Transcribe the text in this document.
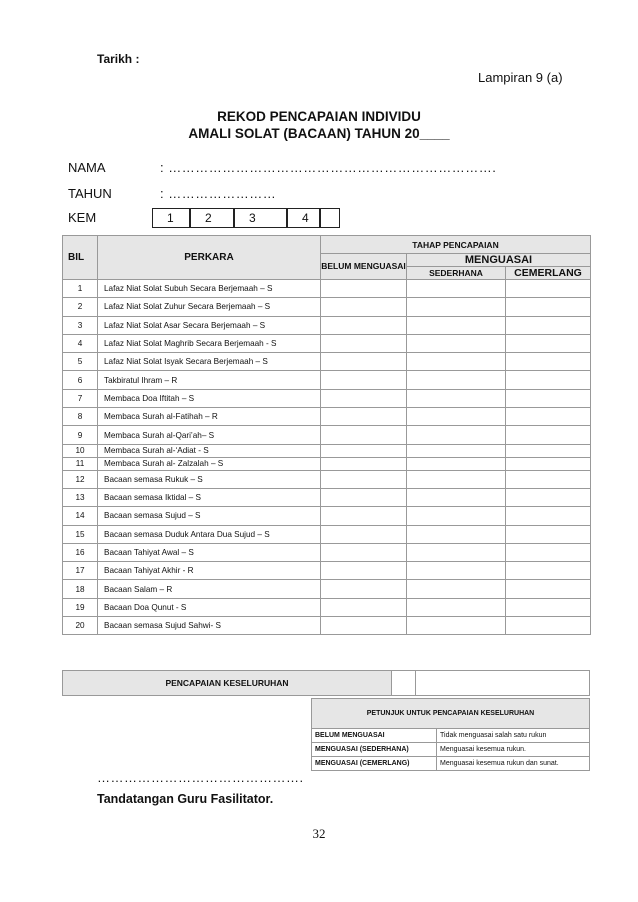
Tarikh :
Lampiran 9 (a)
REKOD PENCAPAIAN INDIVIDU
AMALI SOLAT (BACAAN) TAHUN 20____
NAMA	: ……………………………………………………………….
TAHUN	: ……………………
KEM	1	2	3	4
BIL	PERKARA	TAHAP PENCAPAIAN		
		BELUM MENGUASAI	MENGUASAI	
			SEDERHANA	CEMERLANG
1	Lafaz Niat Solat Subuh Secara Berjemaah – S			
2	Lafaz Niat Solat Zuhur Secara Berjemaah – S			
3	Lafaz Niat Solat Asar Secara Berjemaah – S			
4	Lafaz Niat Solat Maghrib Secara Berjemaah - S			
5	Lafaz Niat Solat Isyak Secara Berjemaah – S			
6	Takbiratul Ihram – R			
7	Membaca Doa Iftitah – S			
8	Membaca Surah al-Fatihah – R			
9	Membaca Surah al-Qari’ah– S			
10	Membaca Surah al-‘Adiat - S			
11	Membaca Surah al- Zalzalah – S			
12	Bacaan semasa Rukuk – S			
13	Bacaan semasa Iktidal – S			
14	Bacaan semasa Sujud – S			
15	Bacaan semasa Duduk Antara Dua Sujud – S			
16	Bacaan Tahiyat Awal – S			
17	Bacaan Tahiyat Akhir - R			
18	Bacaan Salam – R			
19	Bacaan Doa Qunut - S			
20	Bacaan semasa Sujud Sahwi- S			
PENCAPAIAN KESELURUHAN		
PETUNJUK UNTUK PENCAPAIAN KESELURUHAN	
BELUM MENGUASAI	Tidak menguasai salah satu rukun
MENGUASAI (SEDERHANA)	Menguasai kesemua rukun.
MENGUASAI (CEMERLANG)	Menguasai kesemua rukun dan sunat.
……………………………………….
Tandatangan Guru Fasilitator.
32
